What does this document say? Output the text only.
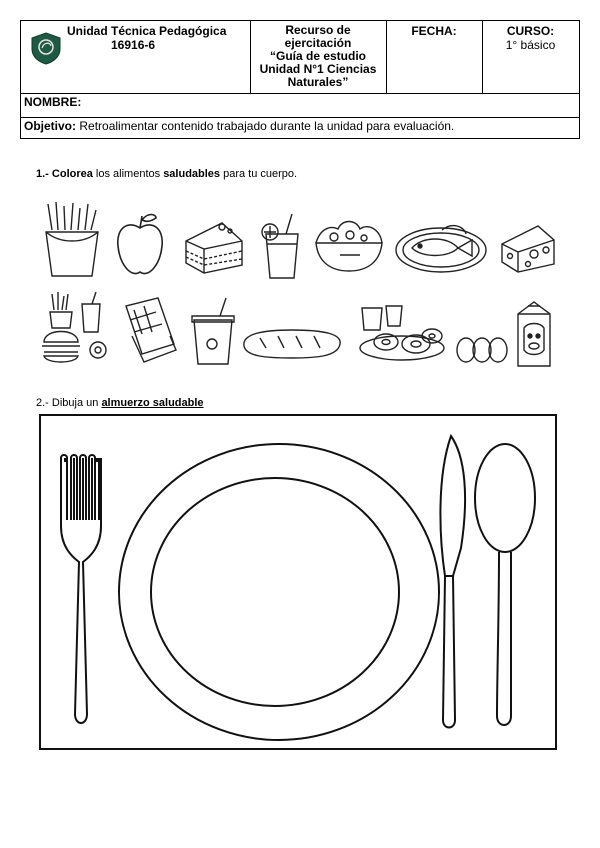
Unidad Técnica Pedagógica
16916-6
Recurso de
ejercitación
“Guía de estudio
Unidad N°1 Ciencias
Naturales”
FECHA:	CURSO:
1° básico
NOMBRE:
Objetivo: Retroalimentar contenido trabajado durante la unidad para evaluación.
1.- Colorea los alimentos saludables para tu cuerpo.
2.- Dibuja un almuerzo saludable
